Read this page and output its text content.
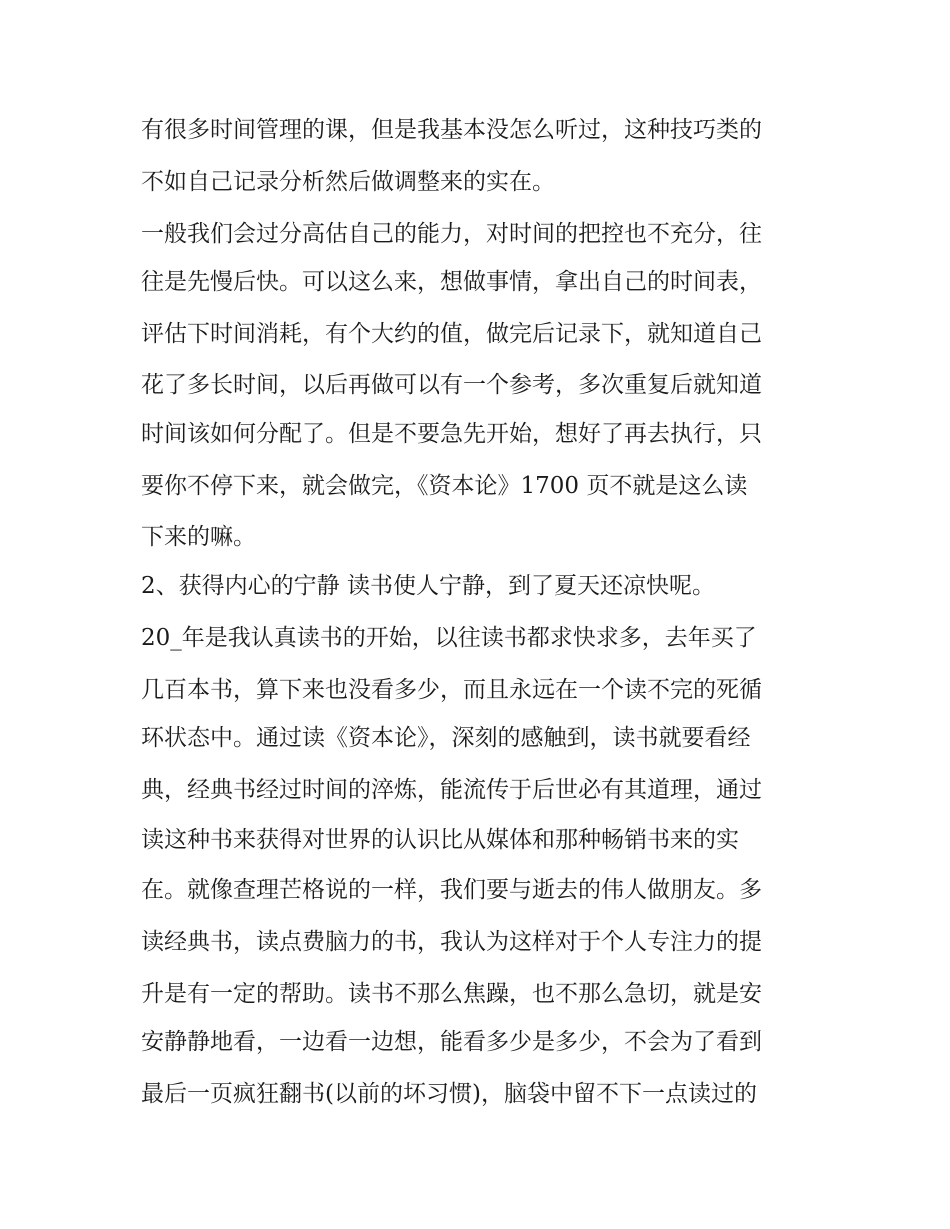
有很多时间管理的课，但是我基本没怎么听过，这种技巧类的
不如自己记录分析然后做调整来的实在。
一般我们会过分高估自己的能力，对时间的把控也不充分，往
往是先慢后快。可以这么来，想做事情，拿出自己的时间表，
评估下时间消耗，有个大约的值，做完后记录下，就知道自己
花了多长时间，以后再做可以有一个参考，多次重复后就知道
时间该如何分配了。但是不要急先开始，想好了再去执行，只
要你不停下来，就会做完，《资本论》1700 页不就是这么读
下来的嘛。
2、获得内心的宁静 读书使人宁静，到了夏天还凉快呢。
20_年是我认真读书的开始，以往读书都求快求多，去年买了
几百本书，算下来也没看多少，而且永远在一个读不完的死循
环状态中。通过读《资本论》，深刻的感触到，读书就要看经
典，经典书经过时间的淬炼，能流传于后世必有其道理，通过
读这种书来获得对世界的认识比从媒体和那种畅销书来的实
在。就像查理芒格说的一样，我们要与逝去的伟人做朋友。多
读经典书，读点费脑力的书，我认为这样对于个人专注力的提
升是有一定的帮助。读书不那么焦躁，也不那么急切，就是安
安静静地看，一边看一边想，能看多少是多少，不会为了看到
最后一页疯狂翻书(以前的坏习惯)，脑袋中留不下一点读过的
